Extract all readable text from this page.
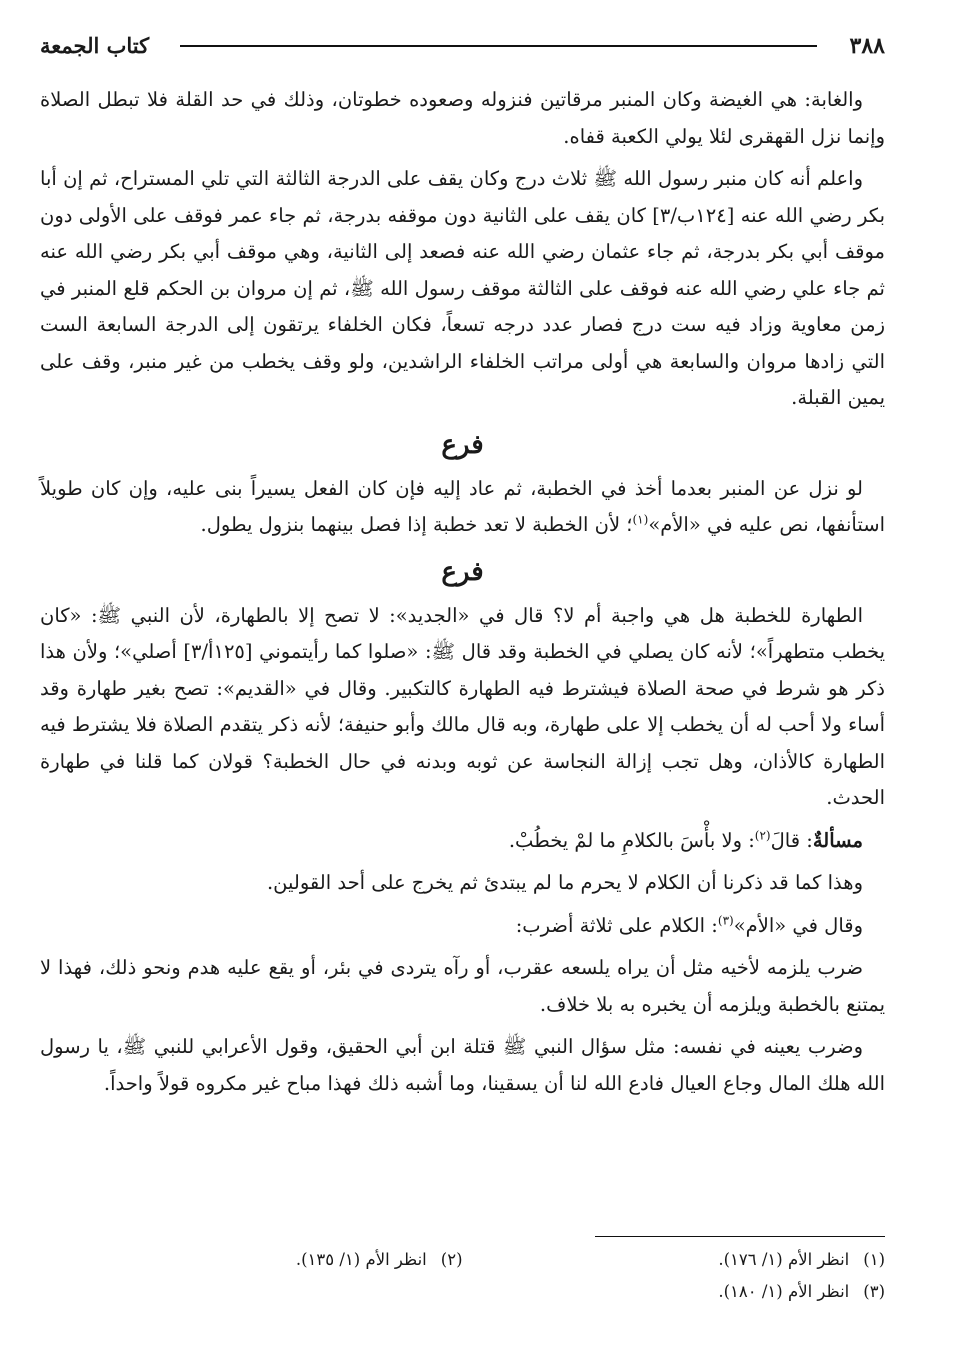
٣٨٨
كتاب الجمعة

والغابة: هي الغيضة وكان المنبر مرقاتين فنزوله وصعوده خطوتان، وذلك في حد القلة فلا تبطل الصلاة وإنما نزل القهقرى لئلا يولي الكعبة قفاه.

واعلم أنه كان منبر رسول الله ﷺ ثلاث درج وكان يقف على الدرجة الثالثة التي تلي المستراح، ثم إن أبا بكر رضي الله عنه [١٢٤ب/٣] كان يقف على الثانية دون موقفه بدرجة، ثم جاء عمر فوقف على الأولى دون موقف أبي بكر بدرجة، ثم جاء عثمان رضي الله عنه فصعد إلى الثانية، وهي موقف أبي بكر رضي الله عنه ثم جاء علي رضي الله عنه فوقف على الثالثة موقف رسول الله ﷺ، ثم إن مروان بن الحكم قلع المنبر في زمن معاوية وزاد فيه ست درج فصار عدد درجه تسعاً، فكان الخلفاء يرتقون إلى الدرجة السابعة الست التي زادها مروان والسابعة هي أولى مراتب الخلفاء الراشدين، ولو وقف يخطب من غير منبر، وقف على يمين القبلة.

فرع

لو نزل عن المنبر بعدما أخذ في الخطبة، ثم عاد إليه فإن كان الفعل يسيراً بنى عليه، وإن كان طويلاً استأنفها، نص عليه في «الأم»$^{(١)}$؛ لأن الخطبة لا تعد خطبة إذا فصل بينهما بنزول يطول.

فرع

الطهارة للخطبة هل هي واجبة أم لا؟ قال في «الجديد»: لا تصح إلا بالطهارة، لأن النبي ﷺ: «كان يخطب متطهراً»؛ لأنه كان يصلي في الخطبة وقد قال ﷺ: «صلوا كما رأيتموني [١٢٥أ/٣] أصلي»؛ ولأن هذا ذكر هو شرط في صحة الصلاة فيشترط فيه الطهارة كالتكبير. وقال في «القديم»: تصح بغير طهارة وقد أساء ولا أحب له أن يخطب إلا على طهارة، وبه قال مالك وأبو حنيفة؛ لأنه ذكر يتقدم الصلاة فلا يشترط فيه الطهارة كالأذان، وهل تجب إزالة النجاسة عن ثوبه وبدنه في حال الخطبة؟ قولان كما قلنا في طهارة الحدث.

مسألةٌ: قالَ$^{(٢)}$: ولا بأْسَ بالكلامِ ما لمْ يخطُبْ.

وهذا كما قد ذكرنا أن الكلام لا يحرم ما لم يبتدئ ثم يخرج على أحد القولين.

وقال في «الأم»$^{(٣)}$: الكلام على ثلاثة أضرب:

ضرب يلزمه لأخيه مثل أن يراه يلسعه عقرب، أو رآه يتردى في بئر، أو يقع عليه هدم ونحو ذلك، فهذا لا يمتنع بالخطبة ويلزمه أن يخبره به بلا خلاف.

وضرب يعينه في نفسه: مثل سؤال النبي ﷺ قتلة ابن أبي الحقيق، وقول الأعرابي للنبي ﷺ، يا رسول الله هلك المال وجاع العيال فادع الله لنا أن يسقينا، وما أشبه ذلك فهذا مباح غير مكروه قولاً واحداً.

(١)انظر الأم (١/ ١٧٦).
(٢)انظر الأم (١/ ١٣٥).
(٣)انظر الأم (١/ ١٨٠).
